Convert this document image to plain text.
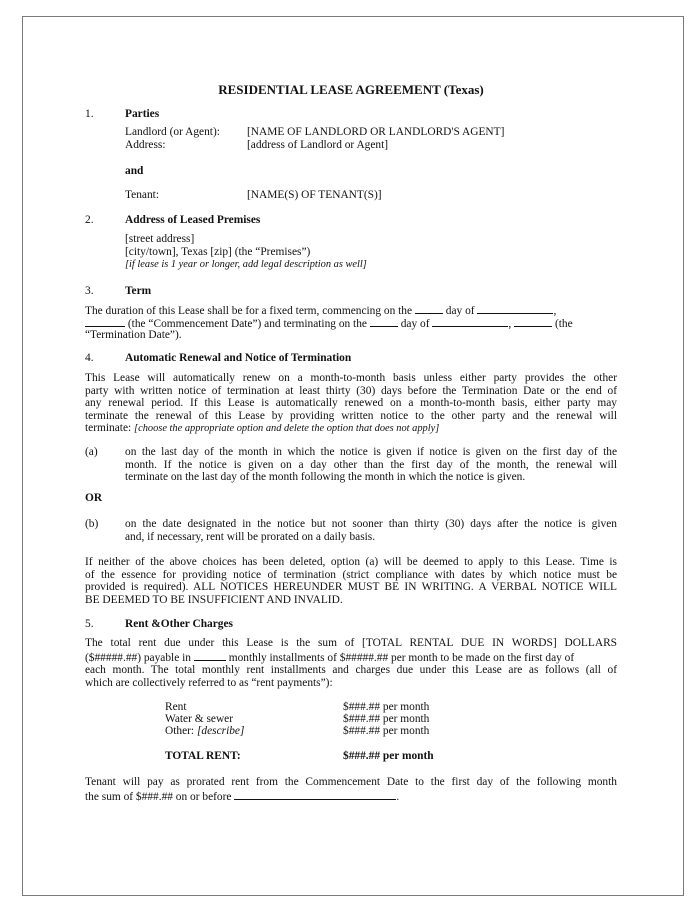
RESIDENTIAL LEASE AGREEMENT (Texas)
1.	Parties
Landlord (or Agent): [NAME OF LANDLORD OR LANDLORD'S AGENT]
Address:	[address of Landlord or Agent]
and
Tenant:	[NAME(S) OF TENANT(S)]
2.	Address of Leased Premises
[street address]
[city/town], Texas [zip] (the “Premises”)
[if lease is 1 year or longer, add legal description as well]
3.	Term
The duration of this Lease shall be for a fixed term, commencing on the	day of	,
(the “Commencement Date”) and terminating on the	day of	,	(the
“Termination Date”).
4.	Automatic Renewal and Notice of Termination
This Lease will automatically renew on a month-to-month basis unless either party provides the other
party with written notice of termination at least thirty (30) days before the Termination Date or the end of
any renewal period. If this Lease is automatically renewed on a month-to-month basis, either party may
terminate the renewal of this Lease by providing written notice to the other party and the renewal will
terminate: [choose the appropriate option and delete the option that does not apply]
(a) on the last day of the month in which the notice is given if notice is given on the first day of the
month. If the notice is given on a day other than the first day of the month, the renewal will
terminate on the last day of the month following the month in which the notice is given.
OR
(b) on the date designated in the notice but not sooner than thirty (30) days after the notice is given
and, if necessary, rent will be prorated on a daily basis.
If neither of the above choices has been deleted, option (a) will be deemed to apply to this Lease. Time is
of the essence for providing notice of termination (strict compliance with dates by which notice must be
provided is required). ALL NOTICES HEREUNDER MUST BE IN WRITING. A VERBAL NOTICE WILL
BE DEEMED TO BE INSUFFICIENT AND INVALID.
5.	Rent &Other Charges
The total rent due under this Lease is the sum of [TOTAL RENTAL DUE IN WORDS] DOLLARS
($#####.##) payable in	monthly installments of $#####.## per month to be made on the first day of
each month. The total monthly rent installments and charges due under this Lease are as follows (all of
which are collectively referred to as “rent payments”):
Rent	$###.## per month
Water & sewer	$###.## per month
Other: [describe]	$###.## per month
TOTAL RENT:	$###.## per month
Tenant will pay as prorated rent from the Commencement Date to the first day of the following month
the sum of $###.## on or before	.
